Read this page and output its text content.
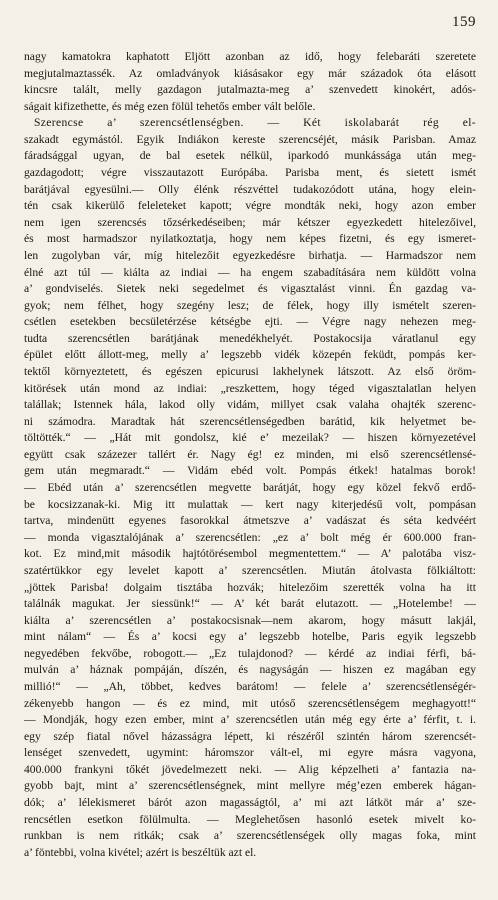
159
nagy kamatokra kaphatott Eljött azonban az idő, hogy felebaráti szeretete
megjutalmaztassék. Az omladványok kiásásakor egy már századok óta elásott
kincsre talált, melly gazdagon jutalmazta-meg a’ szenvedett kinokért, adós-
ságait kifizethette, és még ezen fölül tehetős ember vált belőle.
Szerencse a’ szerencsétlenségben. — Két iskolabarát rég el-
szakadt egymástól. Egyik Indiákon kereste szerencséjét, másik Parisban. Amaz
fáradsággal ugyan, de bal esetek nélkül, iparkodó munkássága után meg-
gazdagodott; végre visszautazott Európába. Parisba ment, és sietett ismét
barátjával egyesülni.— Olly élénk részvéttel tudakozódott utána, hogy elein-
tén csak kikerülő feleleteket kapott; végre mondták neki, hogy azon ember
nem igen szerencsés tőzsérkedéseiben; már kétszer egyezkedett hitelezőivel,
és most harmadszor nyilatkoztatja, hogy nem képes fizetni, és egy ismeret-
len zugolyban vár, míg hitelezőit egyezkedésre birhatja. — Harmadszor nem
élné azt túl — kiálta az indiai — ha engem szabadítására nem küldött volna
a’ gondviselés. Sietek neki segedelmet és vigasztalást vinni. Én gazdag va-
gyok; nem félhet, hogy szegény lesz; de félek, hogy illy ismételt szeren-
csétlen esetekben becsületérzése kétségbe ejti. — Végre nagy nehezen meg-
tudta szerencsétlen barátjának menedékhelyét. Postakocsija váratlanul egy
épület előtt állott-meg, melly a’ legszebb vidék közepén feküdt, pompás ker-
tektől környeztetett, és egészen epicurusi lakhelynek látszott. Az első öröm-
kitörések után mond az indiai: „reszkettem, hogy téged vigasztalatlan helyen
talállak; Istennek hála, lakod olly vidám, millyet csak valaha ohajték szerenc-
ni számodra. Maradtak hát szerencsétlenségedben barátid, kik helyetmet be-
töltötték.“ — „Hát mit gondolsz, kié e’ mezeilak? — hiszen környezetével
együtt csak százezer tallért ér. Nagy ég! ez minden, mi első szerencsétlensé-
gem után megmaradt.“ — Vidám ebéd volt. Pompás étkek! hatalmas borok!
— Ebéd után a’ szerencsétlen megvette barátját, hogy egy közel fekvő erdő-
be kocsizzanak-ki. Mig itt mulattak — kert nagy kiterjedésű volt, pompásan
tartva, mindenütt egyenes fasorokkal átmetszve a’ vadászat és séta kedvéért
— monda vigasztalójának a’ szerencsétlen: „ez a’ bolt még ér 600.000 fran-
kot. Ez mind,mit második hajtótörésembol megmentettem.“ — A’ palotába visz-
szatértükkor egy levelet kapott a’ szerencsétlen. Miután átolvasta fölkiáltott:
„jöttek Parisba! dolgaim tisztába hozvák; hitelezőim szerették volna ha itt
találnák magukat. Jer siessünk!“ — A’ két barát elutazott. — „Hotelembe! —
kiálta a’ szerencsétlen a’ postakocsisnak—nem akarom, hogy másutt lakjál,
mint nálam“ — És a’ kocsi egy a’ legszebb hotelbe, Paris egyik legszebb
negyedében fekvőbe, robogott.— „Ez tulajdonod? — kérdé az indiai férfi, bá-
mulván a’ háznak pompáján, díszén, és nagyságán — hiszen ez magában egy
millió!“ — „Ah, többet, kedves barátom! — felele a’ szerencsétlenségér-
zékenyebb hangon — és ez mind, mit utóső szerencsétlenségem meghagyott!“
— Mondják, hogy ezen ember, mint a’ szerencsétlen után még egy érte a’ férfit, t. i.
egy szép fiatal nővel házasságra lépett, ki részéről szintén három szerencsét-
lenséget szenvedett, ugymint: háromszor vált-el, mi egyre másra vagyona,
400.000 frankyni tőkét jövedelmezett neki. — Alig képzelheti a’ fantazia na-
gyobb bajt, mint a’ szerencsétlenségnek, mint mellyre még’ezen emberek hágan-
dók; a’ lélekismeret bárót azon magasságtól, a’ mi azt látköt már a’ sze-
rencsétlen esetkon fölülmulta. — Meglehetősen hasonló esetek mivelt ko-
runkban is nem ritkák; csak a’ szerencsétlenségek olly magas foka, mint
a’ föntebbi, volna kivétel; azért is beszéltük azt el.
